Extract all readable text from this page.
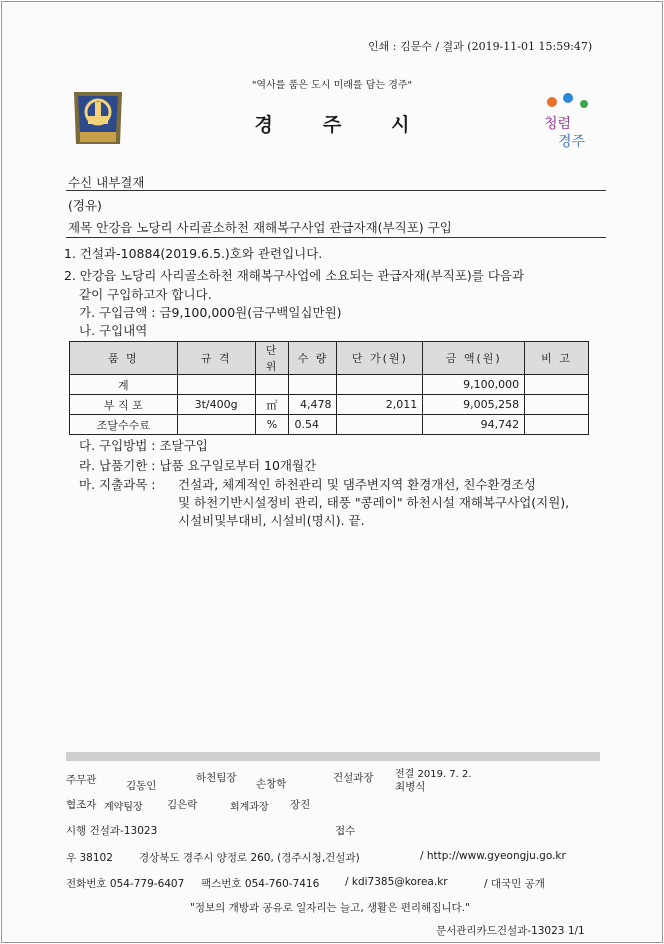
인쇄 : 김문수 / 결과 (2019-11-01 15:59:47)
"역사를 품은 도시 미래를 담는 경주"
경주시	청렴
경주
수신 내부결재
(경유)
제목 안강읍 노당리 사리골소하천 재해복구사업 관급자재(부직포) 구입
1. 건설과-10884(2019.6.5.)호와 관련입니다.
2. 안강읍 노당리 사리골소하천 재해복구사업에 소요되는 관급자재(부직포)를 다음과
같이 구입하고자 합니다.
가. 구입금액 : 금9,100,000원(금구백일십만원)
나. 구입내역
품 명	규 격	단위	수 량	단 가(원)	금 액(원)	비 고
계					9,100,000	
부 직 포	3t/400g	㎡	4,478	2,011	9,005,258	
조달수수료		%	0.54		94,742	
다. 구입방법 : 조달구입
라. 납품기한 : 납품 요구일로부터 10개월간
마. 지출과목 : 건설과, 체계적인 하천관리 및 댐주변지역 환경개선, 친수환경조성
및 하천기반시설정비 관리, 태풍 "콩레이" 하천시설 재해복구사업(지원),
시설비및부대비, 시설비(명시). 끝.
주무관	김동인
하천팀장 손창학	건설과장 전결 2019. 7. 2.
최병식
협조자 계약팀장 김은락	회계과장 장진
시행 건설과-13023	접수
우 38102 경상북도 경주시 양정로 260, (경주시청,건설과)	/ http://www.gyeongju.go.kr
전화번호 054-779-6407 팩스번호 054-760-7416 / kdi7385@korea.kr	/ 대국민 공개
"정보의 개방과 공유로 일자리는 늘고, 생활은 편리해집니다."
문서관리카드건설과-13023 1/1
